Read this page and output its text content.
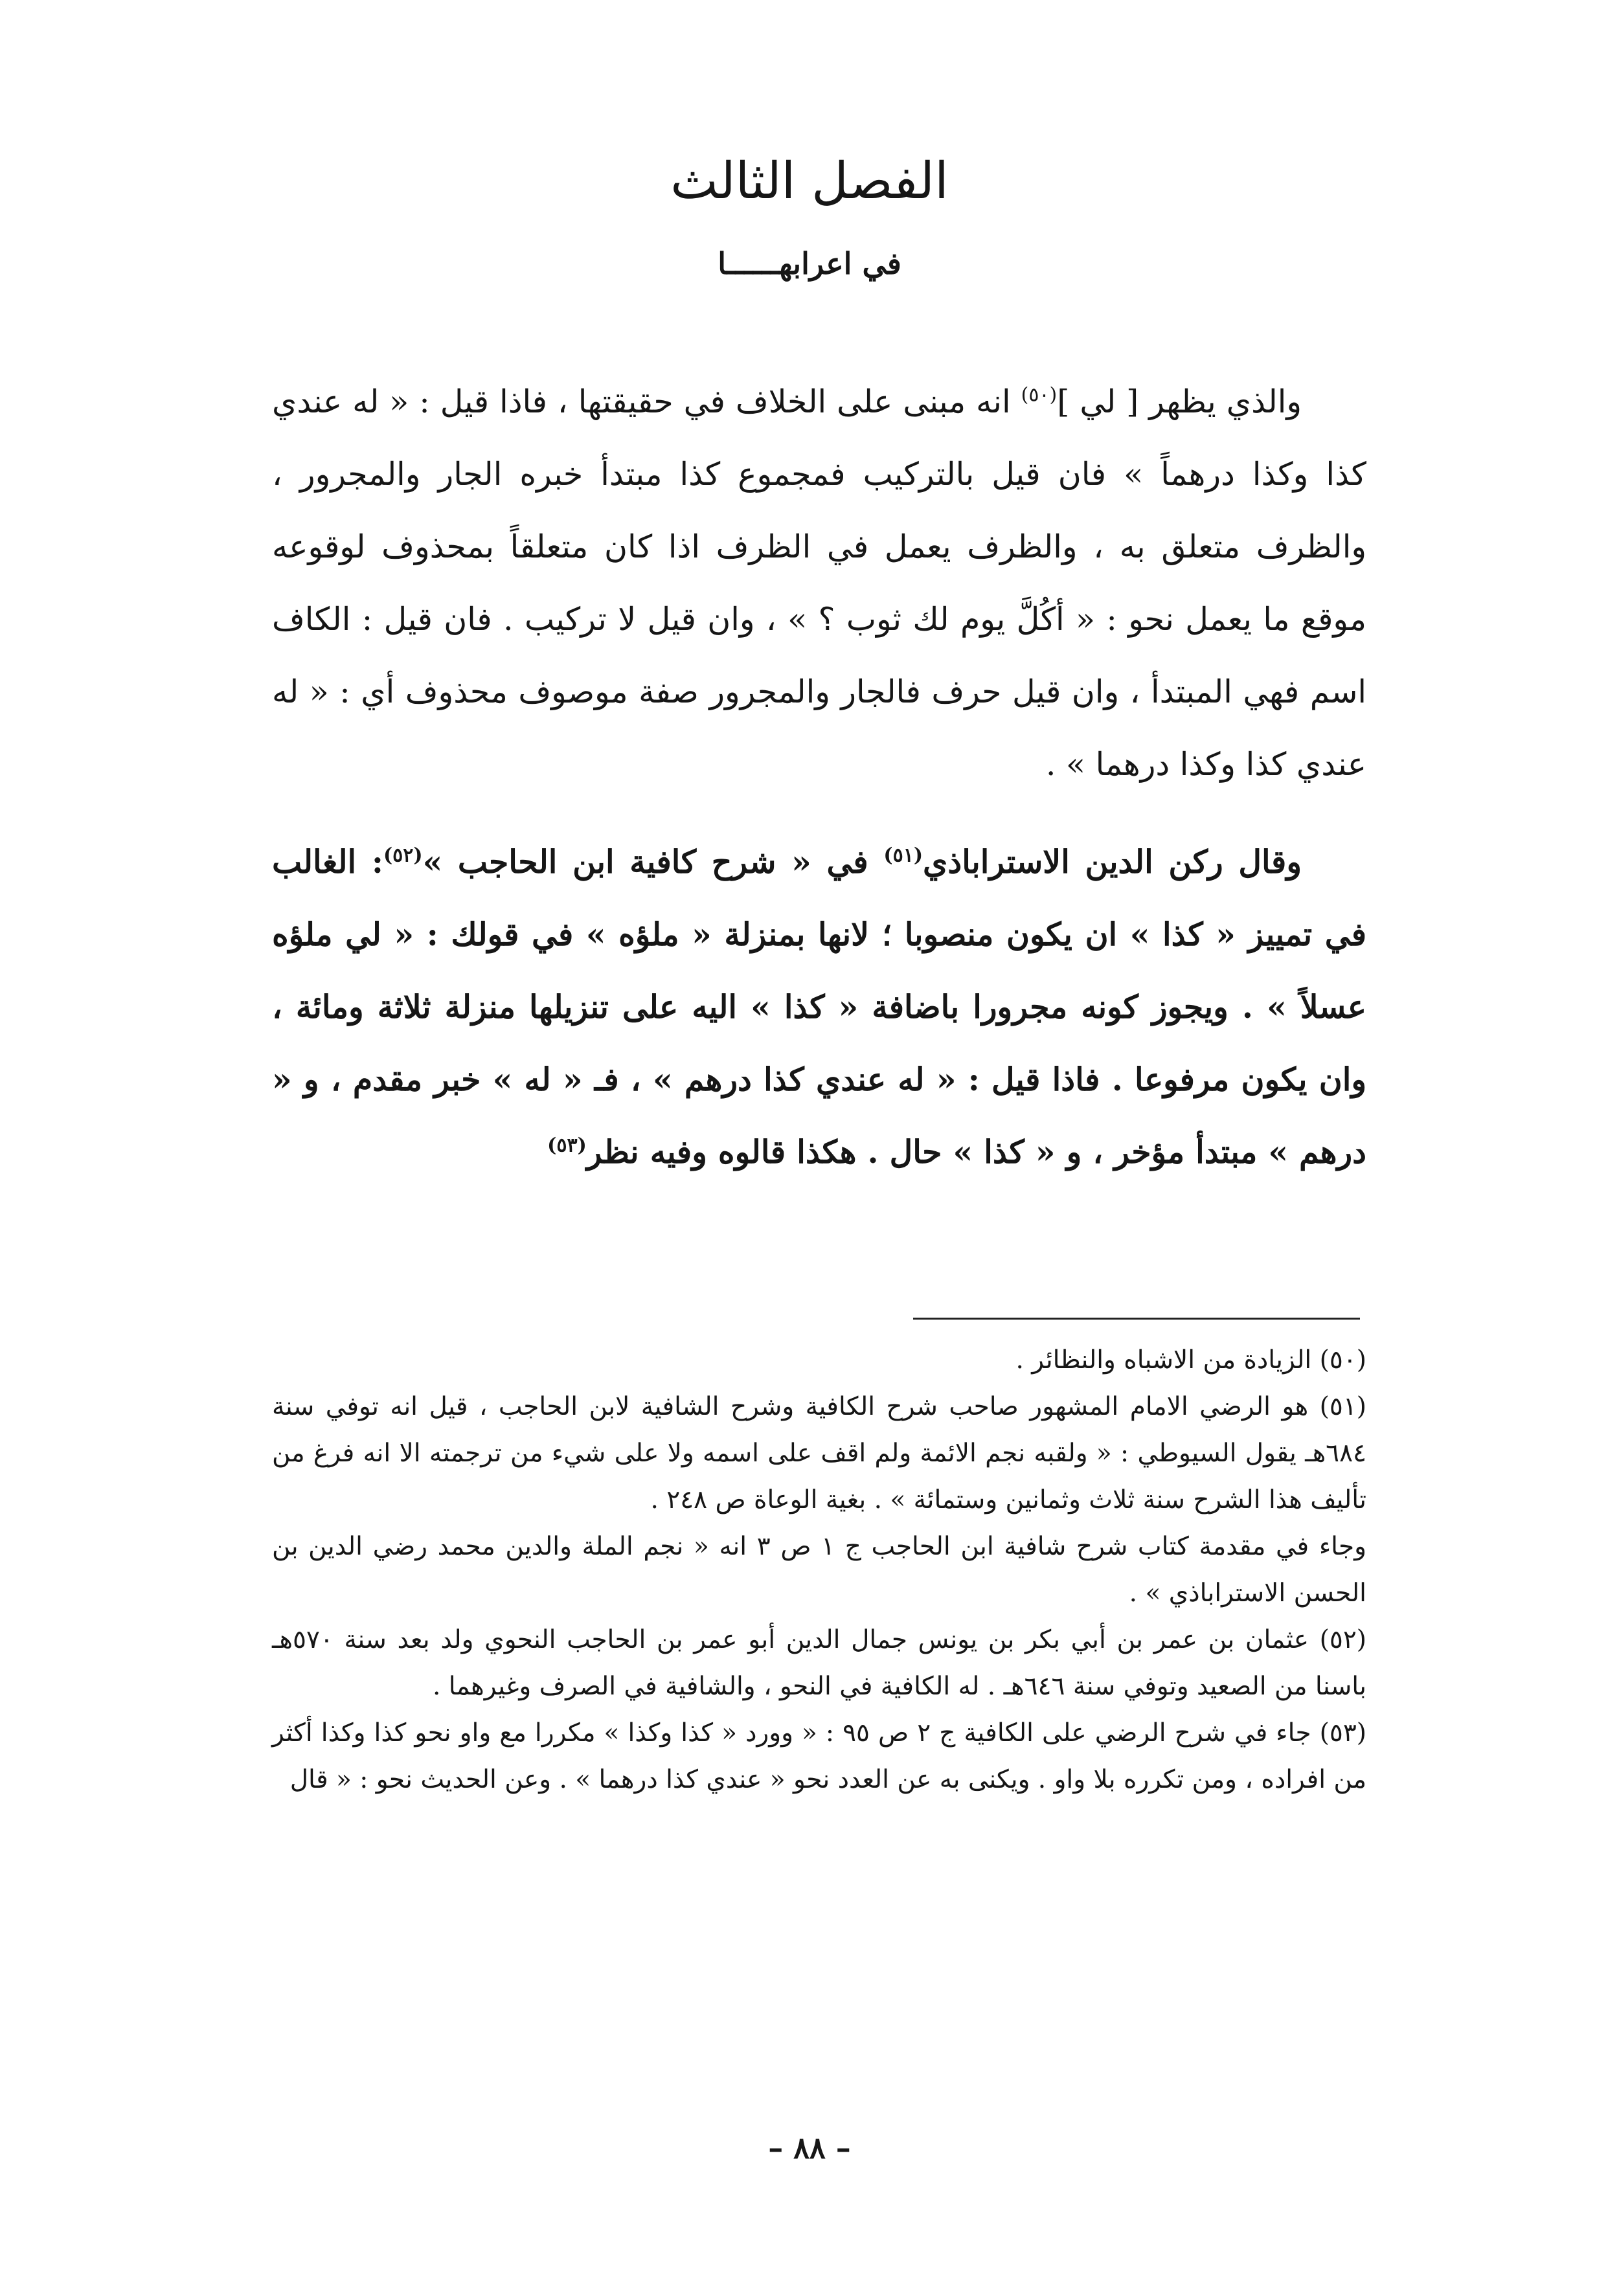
الفصل الثالث
في اعرابهــــــا

والذي يظهر [ لي ]$^{(٥٠)}$ انه مبنى على الخلاف في حقيقتها ، فاذا قيل : « له عندي كذا وكذا درهماً » فان قيل بالتركيب فمجموع كذا مبتدأ خبره الجار والمجرور ، والظرف متعلق به ، والظرف يعمل في الظرف اذا كان متعلقاً بمحذوف لوقوعه موقع ما يعمل نحو : « أكُلَّ يوم لك ثوب ؟ » ، وان قيل لا تركيب . فان قيل : الكاف اسم فهي المبتدأ ، وان قيل حرف فالجار والمجرور صفة موصوف محذوف أي : « له عندي كذا وكذا درهما » .

وقال ركن الدين الاستراباذي$^{(٥١)}$ في « شرح كافية ابن الحاجب »$^{(٥٢)}$: الغالب في تمييز « كذا » ان يكون منصوبا ؛ لانها بمنزلة « ملؤه » في قولك : « لي ملؤه عسلاً » . ويجوز كونه مجرورا باضافة « كذا » اليه على تنزيلها منزلة ثلاثة ومائة ، وان يكون مرفوعا . فاذا قيل : « له عندي كذا درهم » ، فـ « له » خبر مقدم ، و « درهم » مبتدأ مؤخر ، و « كذا » حال . هكذا قالوه وفيه نظر$^{(٥٣)}$

(٥٠) الزيادة من الاشباه والنظائر .

(٥١) هو الرضي الامام المشهور صاحب شرح الكافية وشرح الشافية لابن الحاجب ، قيل انه توفي سنة ٦٨٤هـ يقول السيوطي : « ولقبه نجم الائمة ولم اقف على اسمه ولا على شيء من ترجمته الا انه فرغ من تأليف هذا الشرح سنة ثلاث وثمانين وستمائة » . بغية الوعاة ص ٢٤٨ .

وجاء في مقدمة كتاب شرح شافية ابن الحاجب ج ١ ص ٣ انه « نجم الملة والدين محمد رضي الدين بن الحسن الاستراباذي » .

(٥٢) عثمان بن عمر بن أبي بكر بن يونس جمال الدين أبو عمر بن الحاجب النحوي ولد بعد سنة ٥٧٠هـ باسنا من الصعيد وتوفي سنة ٦٤٦هـ . له الكافية في النحو ، والشافية في الصرف وغيرهما .

(٥٣) جاء في شرح الرضي على الكافية ج ٢ ص ٩٥ : « وورد « كذا وكذا » مكررا مع واو نحو كذا وكذا أكثر من افراده ، ومن تكرره بلا واو . ويكنى به عن العدد نحو « عندي كذا درهما » . وعن الحديث نحو : « قال

– ٨٨ –
